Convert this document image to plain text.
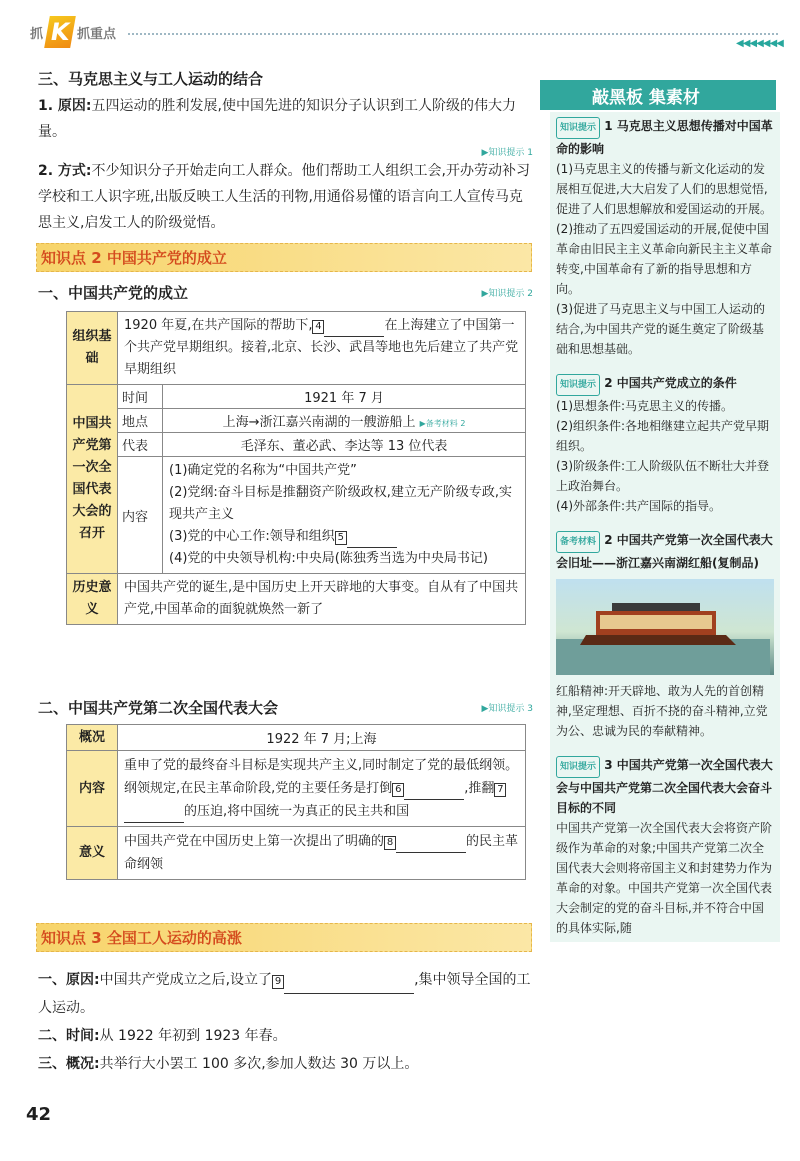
抓 K 抓重点
◀◀◀◀◀◀◀
三、马克思主义与工人运动的结合
1. 原因:五四运动的胜利发展,使中国先进的知识分子认识到工人阶级的伟大力量。
▶知识提示 1
2. 方式:不少知识分子开始走向工人群众。他们帮助工人组织工会,开办劳动补习学校和工人识字班,出版反映工人生活的刊物,用通俗易懂的语言向工人宣传马克思主义,启发工人的阶级觉悟。
知识点 2 中国共产党的成立
一、中国共产党的成立	▶知识提示 2
组织基础	1920 年夏,在共产国际的帮助下, 4 在上海建立了中国第一个共产党早期组织。接着,北京、长沙、武昌等地也先后建立了共产党早期组织	
中国共产党第一次全国代表大会的召开	时间	1921 年 7 月
	地点	上海→浙江嘉兴南湖的一艘游船上 ▶备考材料 2
	代表	毛泽东、董必武、李达等 13 位代表
	内容	(1)确定党的名称为“中国共产党”
(2)党纲:奋斗目标是推翻资产阶级政权,建立无产阶级专政,实现共产主义
(3)党的中心工作:领导和组织 5
(4)党的中央领导机构:中央局(陈独秀当选为中央局书记)

历史意义	中国共产党的诞生,是中国历史上开天辟地的大事变。自从有了中国共产党,中国革命的面貌就焕然一新了	
二、中国共产党第二次全国代表大会	▶知识提示 3
概况	1922 年 7 月;上海
内容	重申了党的最终奋斗目标是实现共产主义,同时制定了党的最低纲领。纲领规定,在民主革命阶段,党的主要任务是打倒 6 ,推翻 7的压迫,将中国统一为真正的民主共和国
意义	中国共产党在中国历史上第一次提出了明确的 8 的民主革命纲领
知识点 3 全国工人运动的高涨
一、原因:中国共产党成立之后,设立了 9	,集中领导全国的工人运动。
二、时间:从 1922 年初到 1923 年春。
三、概况:共举行大小罢工 100 多次,参加人数达 30 万以上。
42
敲黑板 集素材
知识提示 1 马克思主义思想传播对中国革命的影响
(1)马克思主义的传播与新文化运动的发展相互促进,大大启发了人们的思想觉悟,促进了人们思想解放和爱国运动的开展。
(2)推动了五四爱国运动的开展,促使中国革命由旧民主主义革命向新民主主义革命转变,中国革命有了新的指导思想和方向。
(3)促进了马克思主义与中国工人运动的结合,为中国共产党的诞生奠定了阶级基础和思想基础。
知识提示 2 中国共产党成立的条件
(1)思想条件:马克思主义的传播。
(2)组织条件:各地相继建立起共产党早期组织。
(3)阶级条件:工人阶级队伍不断壮大并登上政治舞台。
(4)外部条件:共产国际的指导。
备考材料 2 中国共产党第一次全国代表大会旧址——浙江嘉兴南湖红船(复制品)
红船精神:开天辟地、敢为人先的首创精神,坚定理想、百折不挠的奋斗精神,立党为公、忠诚为民的奉献精神。
知识提示 3 中国共产党第一次全国代表大会与中国共产党第二次全国代表大会奋斗目标的不同
中国共产党第一次全国代表大会将资产阶级作为革命的对象;中国共产党第二次全国代表大会则将帝国主义和封建势力作为革命的对象。中国共产党第一次全国代表大会制定的党的奋斗目标,并不符合中国的具体实际,随
